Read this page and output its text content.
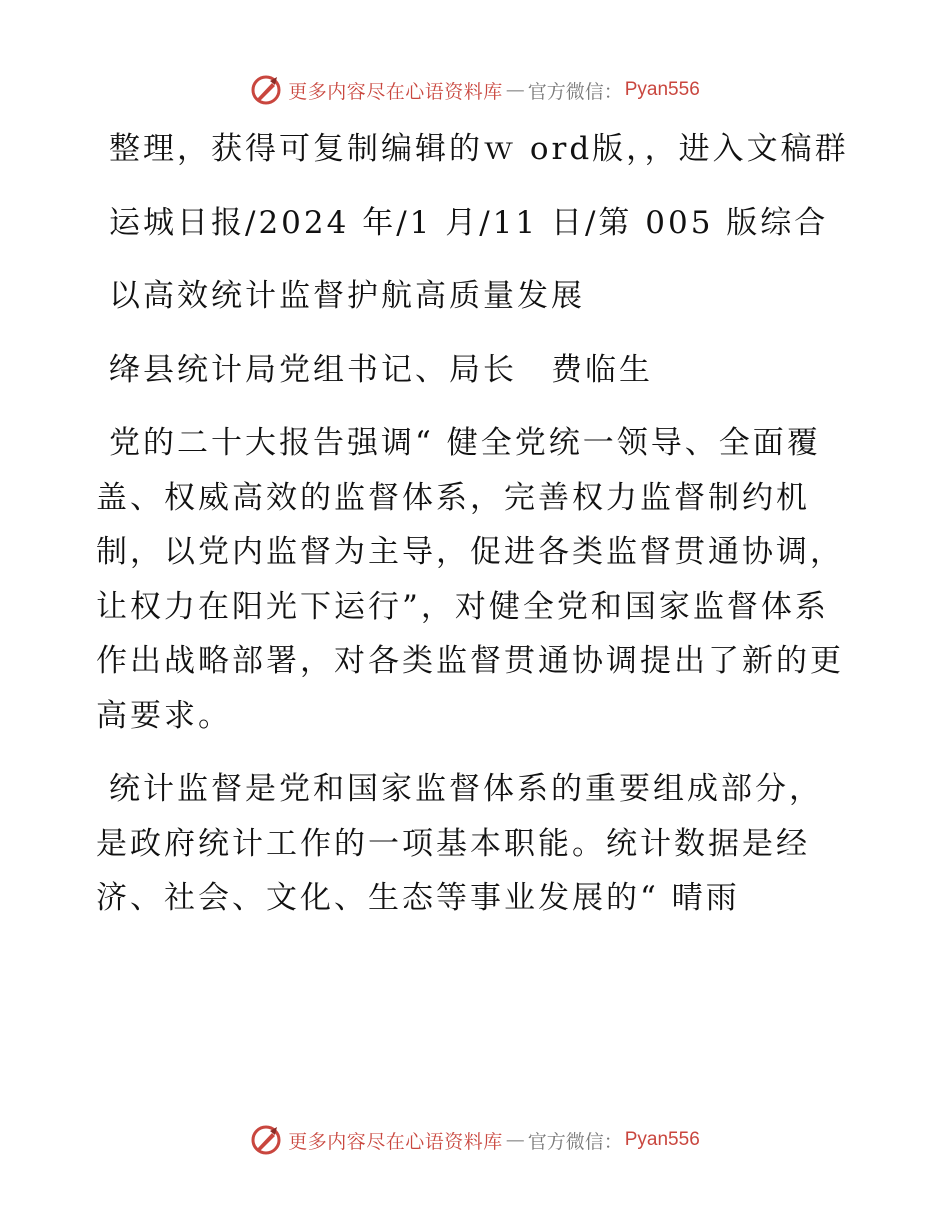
更多内容尽在心语资料库 — 官方微信： Pyan556

整理，获得可复制编辑的ｗ ord版，，进入文稿群

运城日报/2024 年/1 月/11 日/第 005 版综合

以高效统计监督护航高质量发展

绛县统计局党组书记、局长　费临生

党的二十大报告强调“ 健全党统一领导、全面覆盖、权威高效的监督体系，完善权力监督制约机制，以党内监督为主导，促进各类监督贯通协调，让权力在阳光下运行”，对健全党和国家监督体系作出战略部署，对各类监督贯通协调提出了新的更高要求。

统计监督是党和国家监督体系的重要组成部分，是政府统计工作的一项基本职能。统计数据是经济、社会、文化、生态等事业发展的“ 晴雨

更多内容尽在心语资料库 — 官方微信： Pyan556
